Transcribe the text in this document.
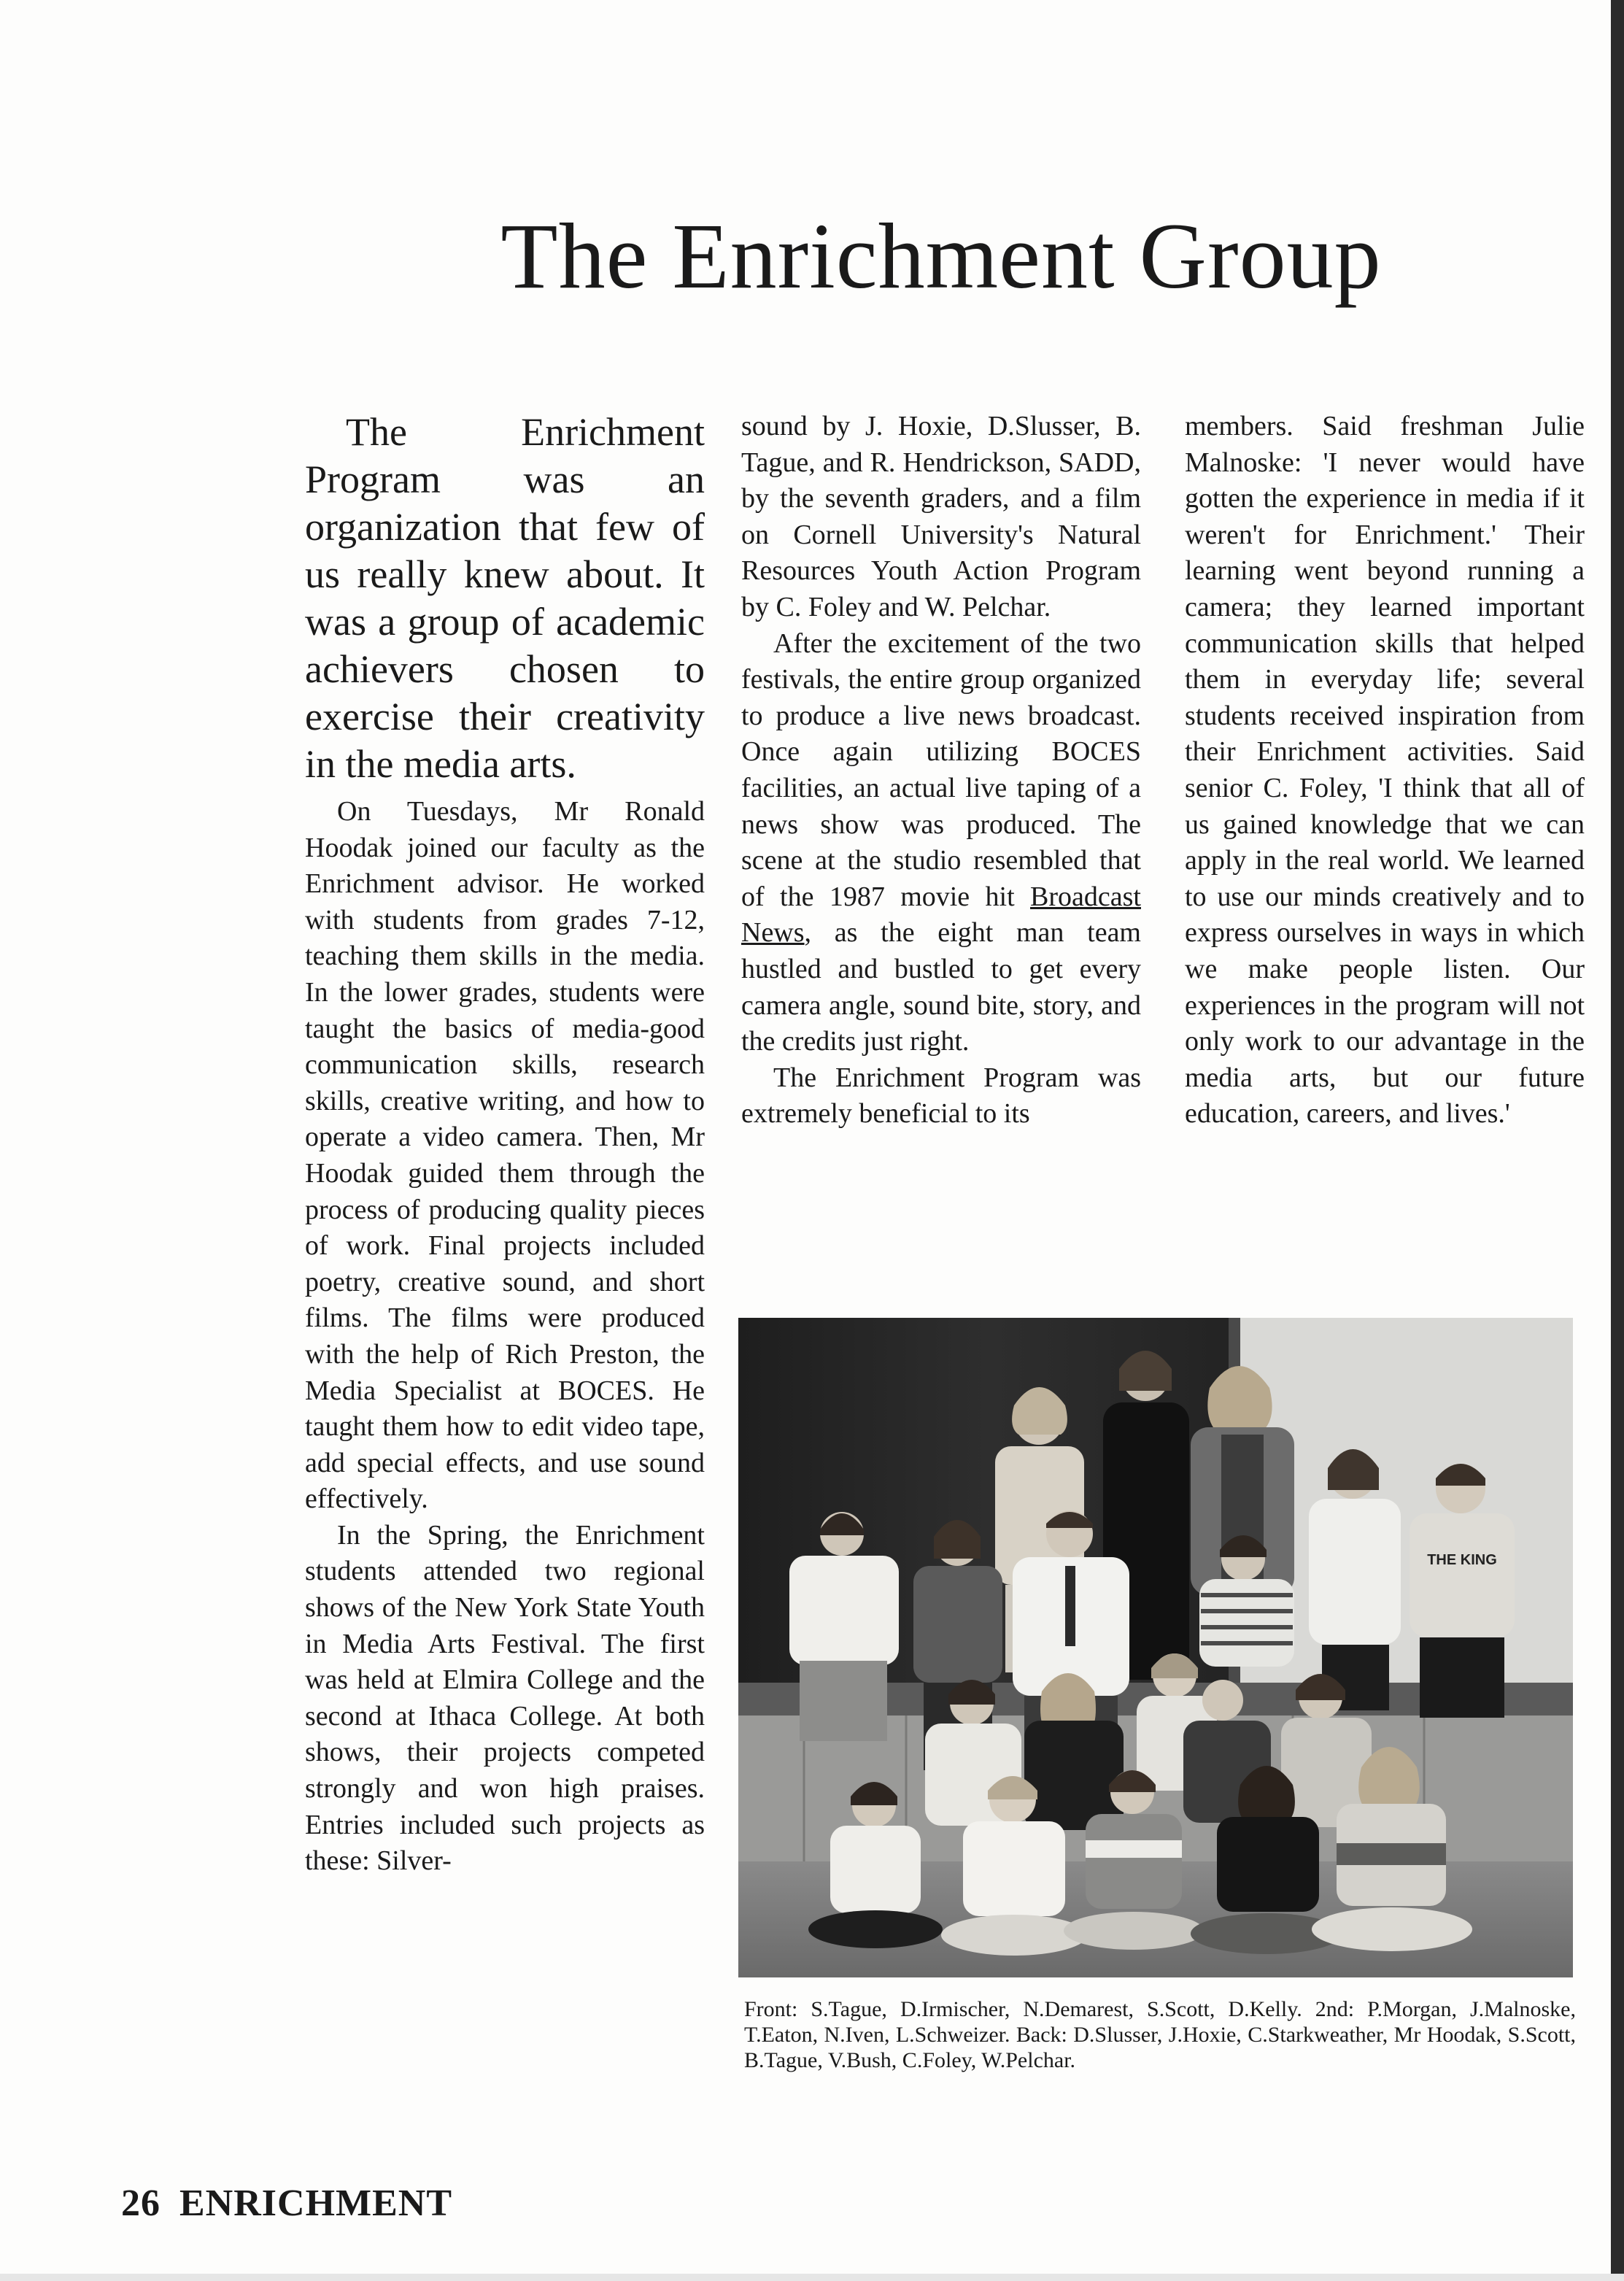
The Enrichment Group

The Enrichment Program was an organization that few of us really knew about. It was a group of academic achievers chosen to exercise their creativity in the media arts.

On Tuesdays, Mr Ronald Hoodak joined our faculty as the Enrichment advisor. He worked with students from grades 7-12, teaching them skills in the media. In the lower grades, students were taught the basics of media-good communication skills, research skills, creative writing, and how to operate a video camera. Then, Mr Hoodak guided them through the process of producing quality pieces of work. Final projects included poetry, creative sound, and short films. The films were produced with the help of Rich Preston, the Media Specialist at BOCES. He taught them how to edit video tape, add special effects, and use sound effectively.

In the Spring, the Enrichment students attended two regional shows of the New York State Youth in Media Arts Festival. The first was held at Elmira College and the second at Ithaca College. At both shows, their projects competed strongly and won high praises. Entries included such projects as these: Silver-

sound by J. Hoxie, D.Slusser, B. Tague, and R. Hendrickson, SADD, by the seventh graders, and a film on Cornell University's Natural Resources Youth Action Program by C. Foley and W. Pelchar.

After the excitement of the two festivals, the entire group organized to produce a live news broadcast. Once again utilizing BOCES facilities, an actual live taping of a news show was produced. The scene at the studio resembled that of the 1987 movie hit Broadcast News, as the eight man team hustled and bustled to get every camera angle, sound bite, story, and the credits just right.

The Enrichment Program was extremely beneficial to its

members. Said freshman Julie Malnoske: 'I never would have gotten the experience in media if it weren't for Enrichment.' Their learning went beyond running a camera; they learned important communication skills that helped them in everyday life; several students received inspiration from their Enrichment activities. Said senior C. Foley, 'I think that all of us gained knowledge that we can apply in the real world. We learned to use our minds creatively and to express ourselves in ways in which we make people listen. Our experiences in the program will not only work to our advantage in the media arts, but our future education, careers, and lives.'

THE KING

Front: S.Tague, D.Irmischer, N.Demarest, S.Scott, D.Kelly. 2nd: P.Morgan, J.Malnoske, T.Eaton, N.Iven, L.Schweizer. Back: D.Slusser, J.Hoxie, C.Starkweather, Mr Hoodak, S.Scott, B.Tague, V.Bush, C.Foley, W.Pelchar.

26 ENRICHMENT
